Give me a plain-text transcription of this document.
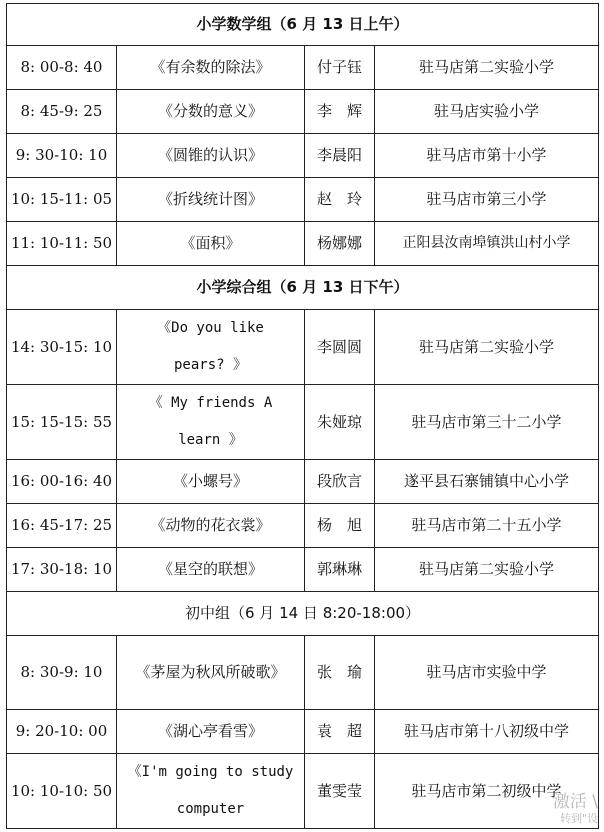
小学数学组（6 月 13 日上午）			
8: 00-8: 40	《有余数的除法》	付子钰	驻马店第二实验小学
8: 45-9: 25	《分数的意义》	李　辉	驻马店实验小学
9: 30-10: 10	《圆锥的认识》	李晨阳	驻马店市第十小学
10: 15-11: 05	《折线统计图》	赵　玲	驻马店市第三小学
11: 10-11: 50	《面积》	杨娜娜	正阳县汝南埠镇洪山村小学
小学综合组（6 月 13 日下午）			
14: 30-15: 10	《Do you like pears? 》	李圆圆	驻马店第二实验小学
15: 15-15: 55	《 My friends A learn 》	朱娅琼	驻马店市第三十二小学
16: 00-16: 40	《小螺号》	段欣言	遂平县石寨铺镇中心小学
16: 45-17: 25	《动物的花衣裳》	杨　旭	驻马店市第二十五小学
17: 30-18: 10	《星空的联想》	郭琳琳	驻马店第二实验小学
初中组（6 月 14 日 8:20-18:00）			
8: 30-9: 10	《茅屋为秋风所破歌》	张　瑜	驻马店市实验中学
9: 20-10: 00	《湖心亭看雪》	袁　超	驻马店市第十八初级中学
10: 10-10: 50	《I'm going to study computer	董雯莹	驻马店市第二初级中学
激活 \
转到"设
